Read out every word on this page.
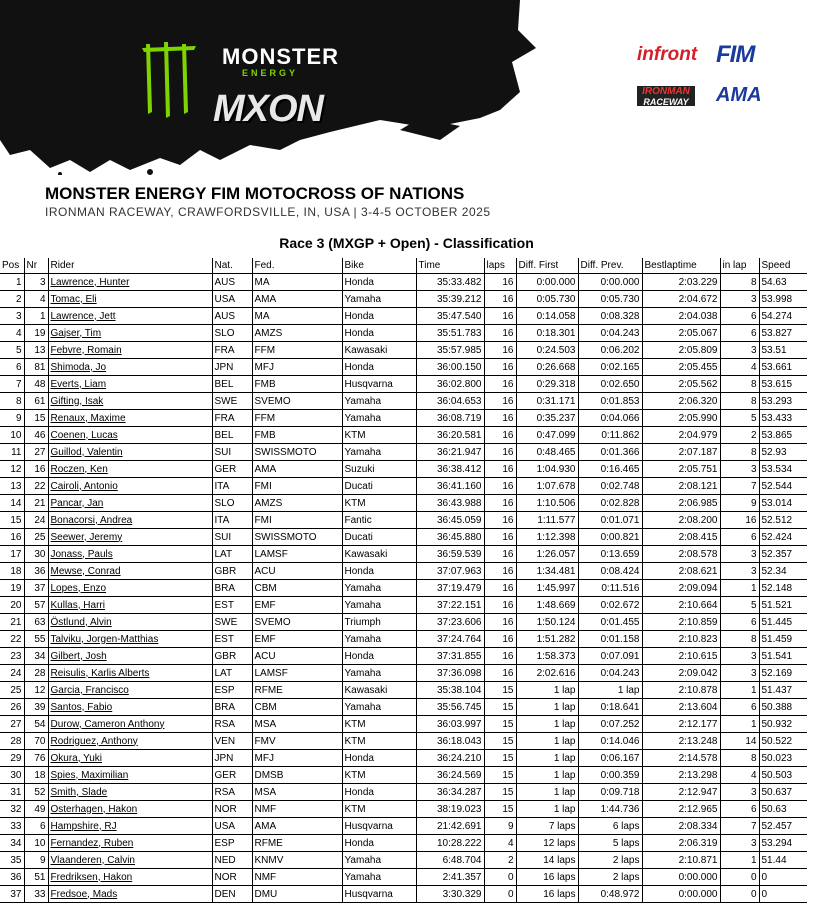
MONSTER
ENERGY
MXON
infront FIM
IRONMAN
RACEWAY	AMA
MONSTER ENERGY FIM MOTOCROSS OF NATIONS
IRONMAN RACEWAY, CRAWFORDSVILLE, IN, USA | 3-4-5 OCTOBER 2025
Race 3 (MXGP + Open) - Classification
Pos	Nr	Rider	Nat.	Fed.	Bike	Time	laps	Diff. First	Diff. Prev.	Bestlaptime	in lap	Speed
1	3	Lawrence, Hunter	AUS	MA	Honda	35:33.482	16	0:00.000	0:00.000	2:03.229	8	54.63
2	4	Tomac, Eli	USA	AMA	Yamaha	35:39.212	16	0:05.730	0:05.730	2:04.672	3	53.998
3	1	Lawrence, Jett	AUS	MA	Honda	35:47.540	16	0:14.058	0:08.328	2:04.038	6	54.274
4	19	Gajser, Tim	SLO	AMZS	Honda	35:51.783	16	0:18.301	0:04.243	2:05.067	6	53.827
5	13	Febvre, Romain	FRA	FFM	Kawasaki	35:57.985	16	0:24.503	0:06.202	2:05.809	3	53.51
6	81	Shimoda, Jo	JPN	MFJ	Honda	36:00.150	16	0:26.668	0:02.165	2:05.455	4	53.661
7	48	Everts, Liam	BEL	FMB	Husqvarna	36:02.800	16	0:29.318	0:02.650	2:05.562	8	53.615
8	61	Gifting, Isak	SWE	SVEMO	Yamaha	36:04.653	16	0:31.171	0:01.853	2:06.320	8	53.293
9	15	Renaux, Maxime	FRA	FFM	Yamaha	36:08.719	16	0:35.237	0:04.066	2:05.990	5	53.433
10	46	Coenen, Lucas	BEL	FMB	KTM	36:20.581	16	0:47.099	0:11.862	2:04.979	2	53.865
11	27	Guillod, Valentin	SUI	SWISSMOTO	Yamaha	36:21.947	16	0:48.465	0:01.366	2:07.187	8	52.93
12	16	Roczen, Ken	GER	AMA	Suzuki	36:38.412	16	1:04.930	0:16.465	2:05.751	3	53.534
13	22	Cairoli, Antonio	ITA	FMI	Ducati	36:41.160	16	1:07.678	0:02.748	2:08.121	7	52.544
14	21	Pancar, Jan	SLO	AMZS	KTM	36:43.988	16	1:10.506	0:02.828	2:06.985	9	53.014
15	24	Bonacorsi, Andrea	ITA	FMI	Fantic	36:45.059	16	1:11.577	0:01.071	2:08.200	16	52.512
16	25	Seewer, Jeremy	SUI	SWISSMOTO	Ducati	36:45.880	16	1:12.398	0:00.821	2:08.415	6	52.424
17	30	Jonass, Pauls	LAT	LAMSF	Kawasaki	36:59.539	16	1:26.057	0:13.659	2:08.578	3	52.357
18	36	Mewse, Conrad	GBR	ACU	Honda	37:07.963	16	1:34.481	0:08.424	2:08.621	3	52.34
19	37	Lopes, Enzo	BRA	CBM	Yamaha	37:19.479	16	1:45.997	0:11.516	2:09.094	1	52.148
20	57	Kullas, Harri	EST	EMF	Yamaha	37:22.151	16	1:48.669	0:02.672	2:10.664	5	51.521
21	63	Östlund, Alvin	SWE	SVEMO	Triumph	37:23.606	16	1:50.124	0:01.455	2:10.859	6	51.445
22	55	Talviku, Jorgen-Matthias	EST	EMF	Yamaha	37:24.764	16	1:51.282	0:01.158	2:10.823	8	51.459
23	34	Gilbert, Josh	GBR	ACU	Honda	37:31.855	16	1:58.373	0:07.091	2:10.615	3	51.541
24	28	Reisulis, Karlis Alberts	LAT	LAMSF	Yamaha	37:36.098	16	2:02.616	0:04.243	2:09.042	3	52.169
25	12	Garcia, Francisco	ESP	RFME	Kawasaki	35:38.104	15	1 lap	1 lap	2:10.878	1	51.437
26	39	Santos, Fabio	BRA	CBM	Yamaha	35:56.745	15	1 lap	0:18.641	2:13.604	6	50.388
27	54	Durow, Cameron Anthony	RSA	MSA	KTM	36:03.997	15	1 lap	0:07.252	2:12.177	1	50.932
28	70	Rodriguez, Anthony	VEN	FMV	KTM	36:18.043	15	1 lap	0:14.046	2:13.248	14	50.522
29	76	Okura, Yuki	JPN	MFJ	Honda	36:24.210	15	1 lap	0:06.167	2:14.578	8	50.023
30	18	Spies, Maximilian	GER	DMSB	KTM	36:24.569	15	1 lap	0:00.359	2:13.298	4	50.503
31	52	Smith, Slade	RSA	MSA	Honda	36:34.287	15	1 lap	0:09.718	2:12.947	3	50.637
32	49	Osterhagen, Hakon	NOR	NMF	KTM	38:19.023	15	1 lap	1:44.736	2:12.965	6	50.63
33	6	Hampshire, RJ	USA	AMA	Husqvarna	21:42.691	9	7 laps	6 laps	2:08.334	7	52.457
34	10	Fernandez, Ruben	ESP	RFME	Honda	10:28.222	4	12 laps	5 laps	2:06.319	3	53.294
35	9	Vlaanderen, Calvin	NED	KNMV	Yamaha	6:48.704	2	14 laps	2 laps	2:10.871	1	51.44
36	51	Fredriksen, Hakon	NOR	NMF	Yamaha	2:41.357	0	16 laps	2 laps	0:00.000	0	0
37	33	Fredsoe, Mads	DEN	DMU	Husqvarna	3:30.329	0	16 laps	0:48.972	0:00.000	0	0
